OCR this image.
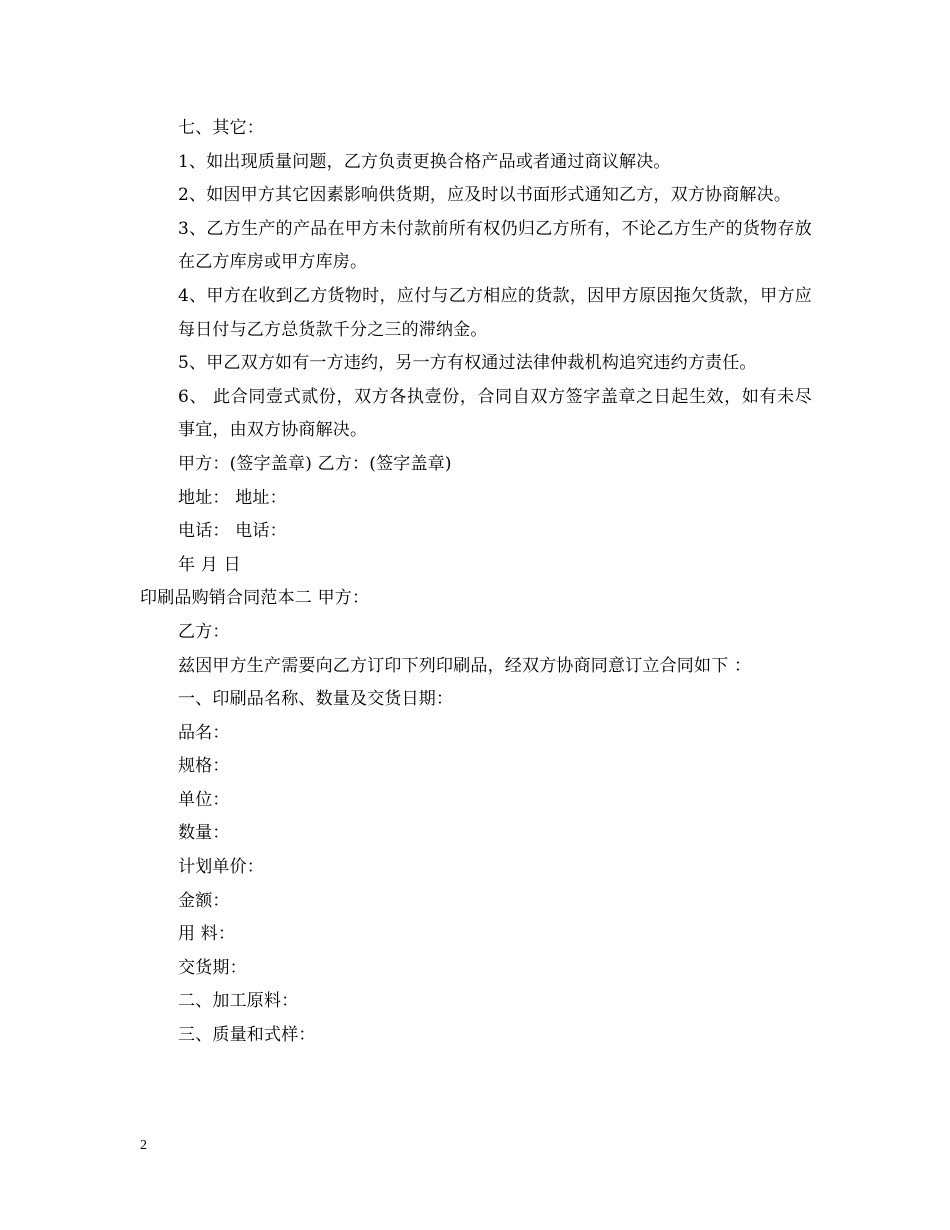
七、其它：
1、如出现质量问题，乙方负责更换合格产品或者通过商议解决。
2、如因甲方其它因素影响供货期，应及时以书面形式通知乙方，双方协商解决。
3、乙方生产的产品在甲方未付款前所有权仍归乙方所有，不论乙方生产的货物存放在乙方库房或甲方库房。
4、甲方在收到乙方货物时，应付与乙方相应的货款，因甲方原因拖欠货款，甲方应每日付与乙方总货款千分之三的滞纳金。
5、甲乙双方如有一方违约，另一方有权通过法律仲裁机构追究违约方责任。
6、 此合同壹式贰份，双方各执壹份，合同自双方签字盖章之日起生效，如有未尽事宜，由双方协商解决。
甲方：(签字盖章) 乙方：(签字盖章)
地址： 地址：
电话： 电话：
年 月 日
印刷品购销合同范本二 甲方：
乙方：
兹因甲方生产需要向乙方订印下列印刷品，经双方协商同意订立合同如下 ：
一、印刷品名称、数量及交货日期：
品名：
规格：
单位：
数量：
计划单价：
金额：
用 料：
交货期：
二、加工原料：
三、质量和式样：
2
